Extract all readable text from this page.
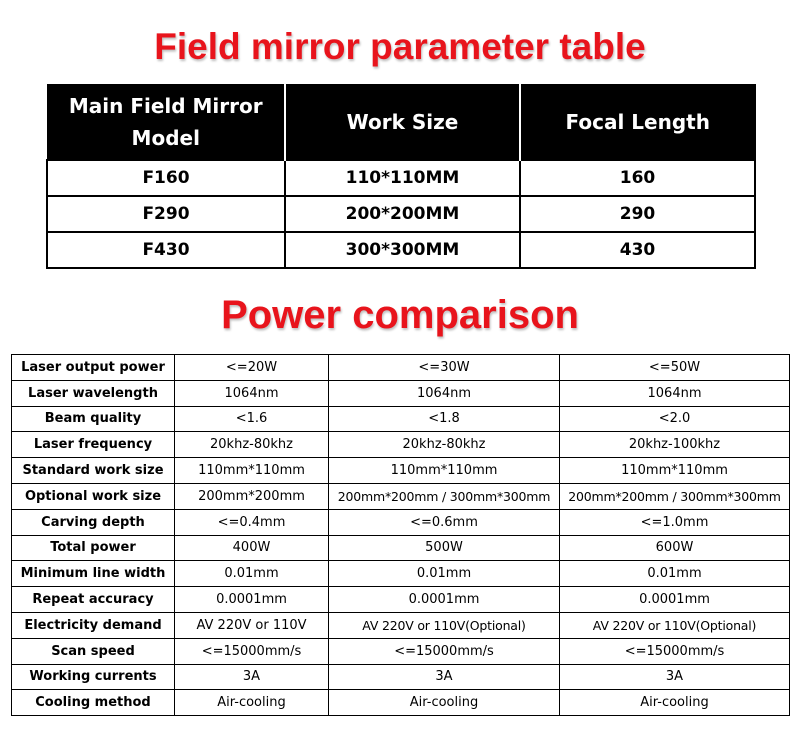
Field mirror parameter table
Main Field Mirror Model	Work Size	Focal Length
F160	110*110MM	160
F290	200*200MM	290
F430	300*300MM	430
Power comparison
Laser output power	<=20W	<=30W	<=50W
Laser wavelength	1064nm	1064nm	1064nm
Beam quality	<1.6	<1.8	<2.0
Laser frequency	20khz-80khz	20khz-80khz	20khz-100khz
Standard work size	110mm*110mm	110mm*110mm	110mm*110mm
Optional work size	200mm*200mm	200mm*200mm / 300mm*300mm	200mm*200mm / 300mm*300mm
Carving depth	<=0.4mm	<=0.6mm	<=1.0mm
Total power	400W	500W	600W
Minimum line width	0.01mm	0.01mm	0.01mm
Repeat accuracy	0.0001mm	0.0001mm	0.0001mm
Electricity demand	AV 220V or 110V	AV 220V or 110V(Optional)	AV 220V or 110V(Optional)
Scan speed	<=15000mm/s	<=15000mm/s	<=15000mm/s
Working currents	3A	3A	3A
Cooling method	Air-cooling	Air-cooling	Air-cooling
